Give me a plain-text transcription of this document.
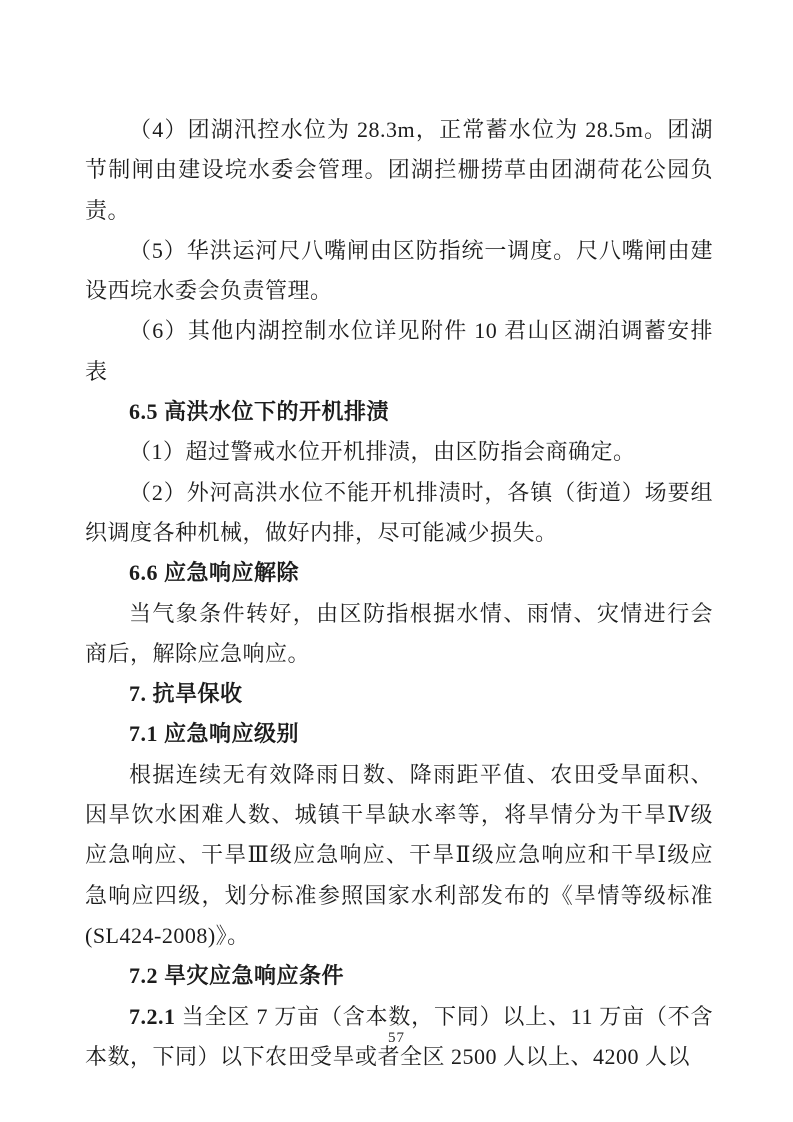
（4）团湖汛控水位为 28.3m，正常蓄水位为 28.5m。团湖节制闸由建设垸水委会管理。团湖拦栅捞草由团湖荷花公园负责。

（5）华洪运河尺八嘴闸由区防指统一调度。尺八嘴闸由建设西垸水委会负责管理。

（6）其他内湖控制水位详见附件 10 君山区湖泊调蓄安排表

6.5 高洪水位下的开机排渍

（1）超过警戒水位开机排渍，由区防指会商确定。

（2）外河高洪水位不能开机排渍时，各镇（街道）场要组织调度各种机械，做好内排，尽可能减少损失。

6.6 应急响应解除

当气象条件转好，由区防指根据水情、雨情、灾情进行会商后，解除应急响应。

7. 抗旱保收

7.1 应急响应级别

根据连续无有效降雨日数、降雨距平值、农田受旱面积、因旱饮水困难人数、城镇干旱缺水率等，将旱情分为干旱Ⅳ级应急响应、干旱Ⅲ级应急响应、干旱Ⅱ级应急响应和干旱Ⅰ级应急响应四级，划分标准参照国家水利部发布的《旱情等级标准(SL424-2008)》。

7.2 旱灾应急响应条件

7.2.1 当全区 7 万亩（含本数，下同）以上、11 万亩（不含本数，下同）以下农田受旱或者全区 2500 人以上、4200 人以

57
